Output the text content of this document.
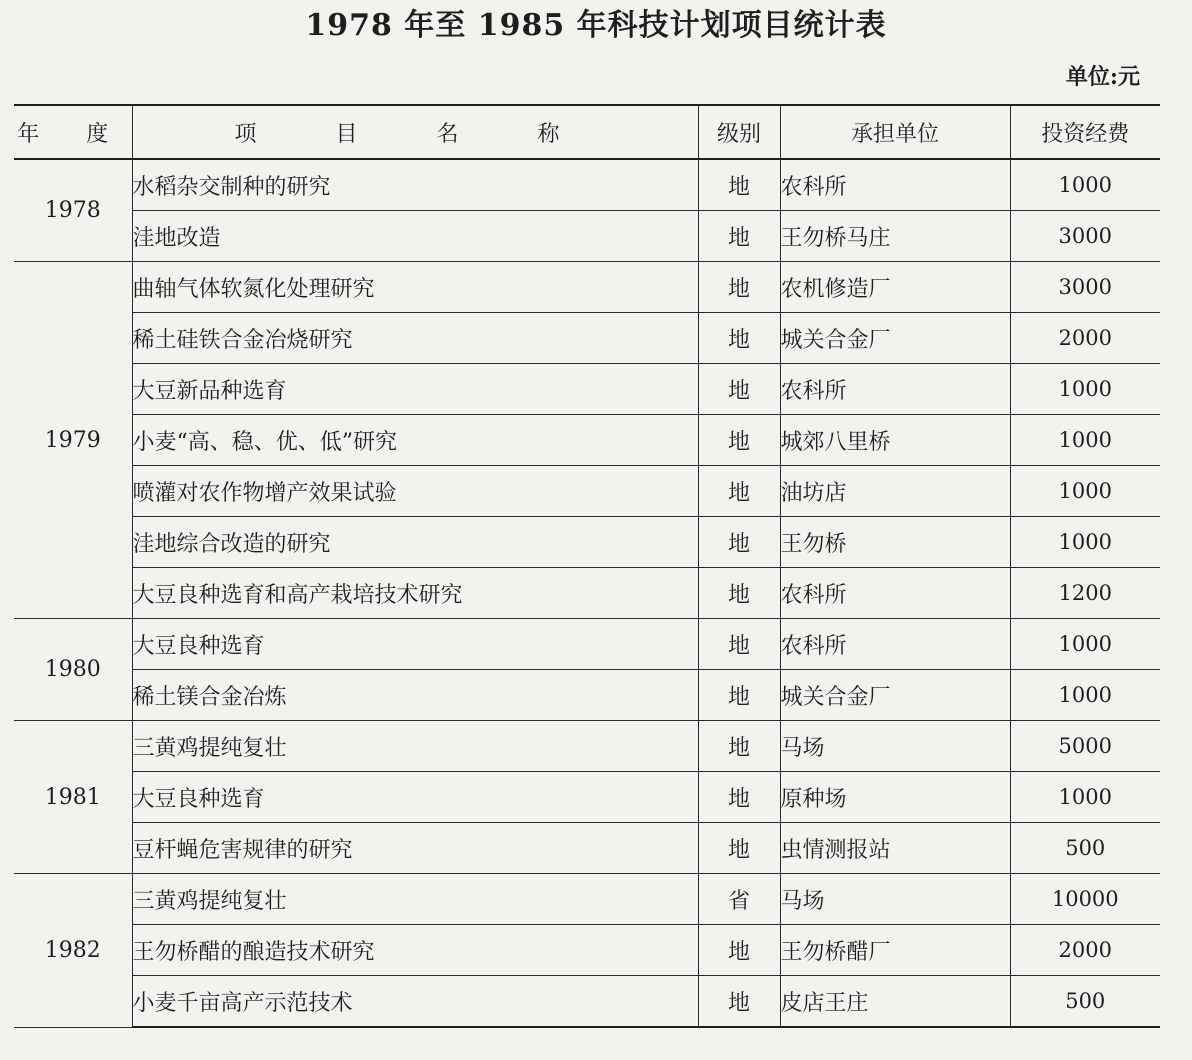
1978 年至 1985 年科技计划项目统计表
单位:元
年 度	项 目 名 称	级别	承担单位	投资经费
1978	水稻杂交制种的研究	地	农科所	1000
	洼地改造	地	王勿桥马庄	3000
1979	曲轴气体软氮化处理研究	地	农机修造厂	3000
	稀土硅铁合金冶烧研究	地	城关合金厂	2000
	大豆新品种选育	地	农科所	1000
	小麦“高、稳、优、低”研究	地	城郊八里桥	1000
	喷灌对农作物增产效果试验	地	油坊店	1000
	洼地综合改造的研究	地	王勿桥	1000
	大豆良种选育和高产栽培技术研究	地	农科所	1200
1980	大豆良种选育	地	农科所	1000
	稀土镁合金冶炼	地	城关合金厂	1000
1981	三黄鸡提纯复壮	地	马场	5000
	大豆良种选育	地	原种场	1000
	豆杆蝇危害规律的研究	地	虫情测报站	500
1982	三黄鸡提纯复壮	省	马场	10000
	王勿桥醋的酿造技术研究	地	王勿桥醋厂	2000
	小麦千亩高产示范技术	地	皮店王庄	500
